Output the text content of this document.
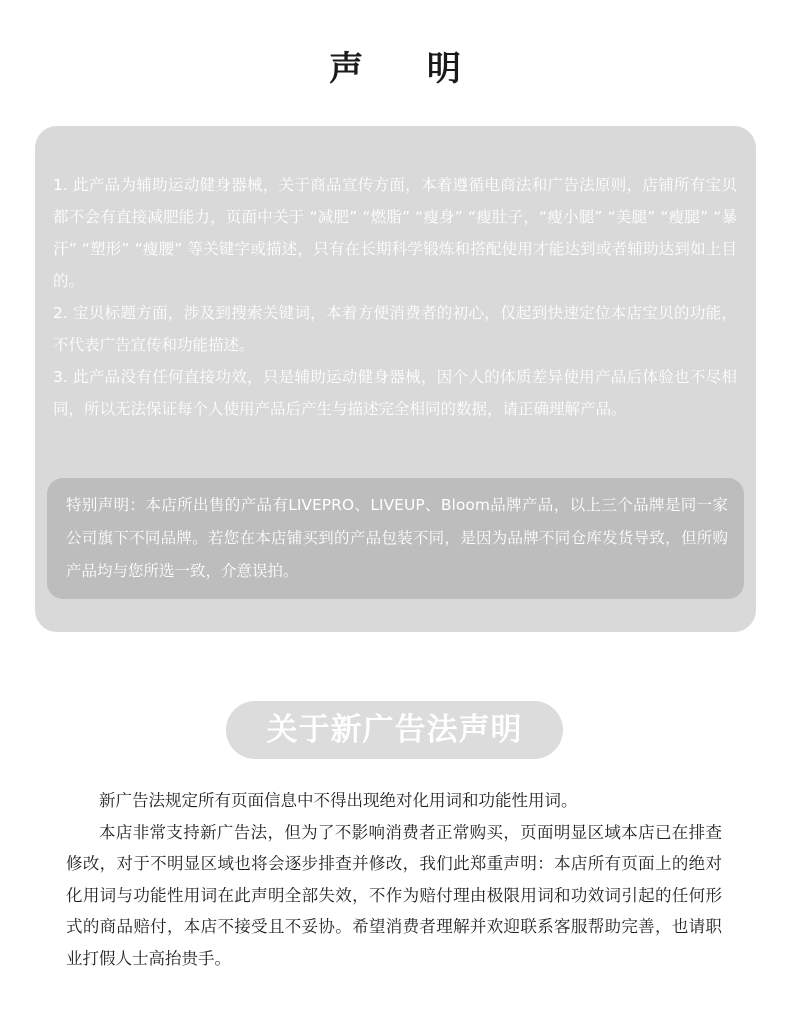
声 明

1. 此产品为辅助运动健身器械，关于商品宣传方面，本着遵循电商法和广告法原则，店铺所有宝贝都不会有直接减肥能力，页面中关于 “减肥” “燃脂” “瘦身” “瘦肚子，“瘦小腿” “美腿” “瘦腿” “暴汗” “塑形” “瘦腰” 等关键字或描述，只有在长期科学锻炼和搭配使用才能达到或者辅助达到如上目的。

2. 宝贝标题方面，涉及到搜索关键词，本着方便消费者的初心，仅起到快速定位本店宝贝的功能，不代表广告宣传和功能描述。

3. 此产品没有任何直接功效，只是辅助运动健身器械，因个人的体质差异使用产品后体验也不尽相同，所以无法保证每个人使用产品后产生与描述完全相同的数据，请正确理解产品。

特别声明：本店所出售的产品有LIVEPRO、LIVEUP、Bloom品牌产品，以上三个品牌是同一家公司旗下不同品牌。若您在本店铺买到的产品包装不同，是因为品牌不同仓库发货导致，但所购产品均与您所选一致，介意误拍。
关于新广告法声明

新广告法规定所有页面信息中不得出现绝对化用词和功能性用词。

本店非常支持新广告法，但为了不影响消费者正常购买，页面明显区域本店已在排查修改，对于不明显区域也将会逐步排查并修改，我们此郑重声明：本店所有页面上的绝对化用词与功能性用词在此声明全部失效，不作为赔付理由极限用词和功效词引起的任何形式的商品赔付，本店不接受且不妥协。希望消费者理解并欢迎联系客服帮助完善，也请职业打假人士高抬贵手。
